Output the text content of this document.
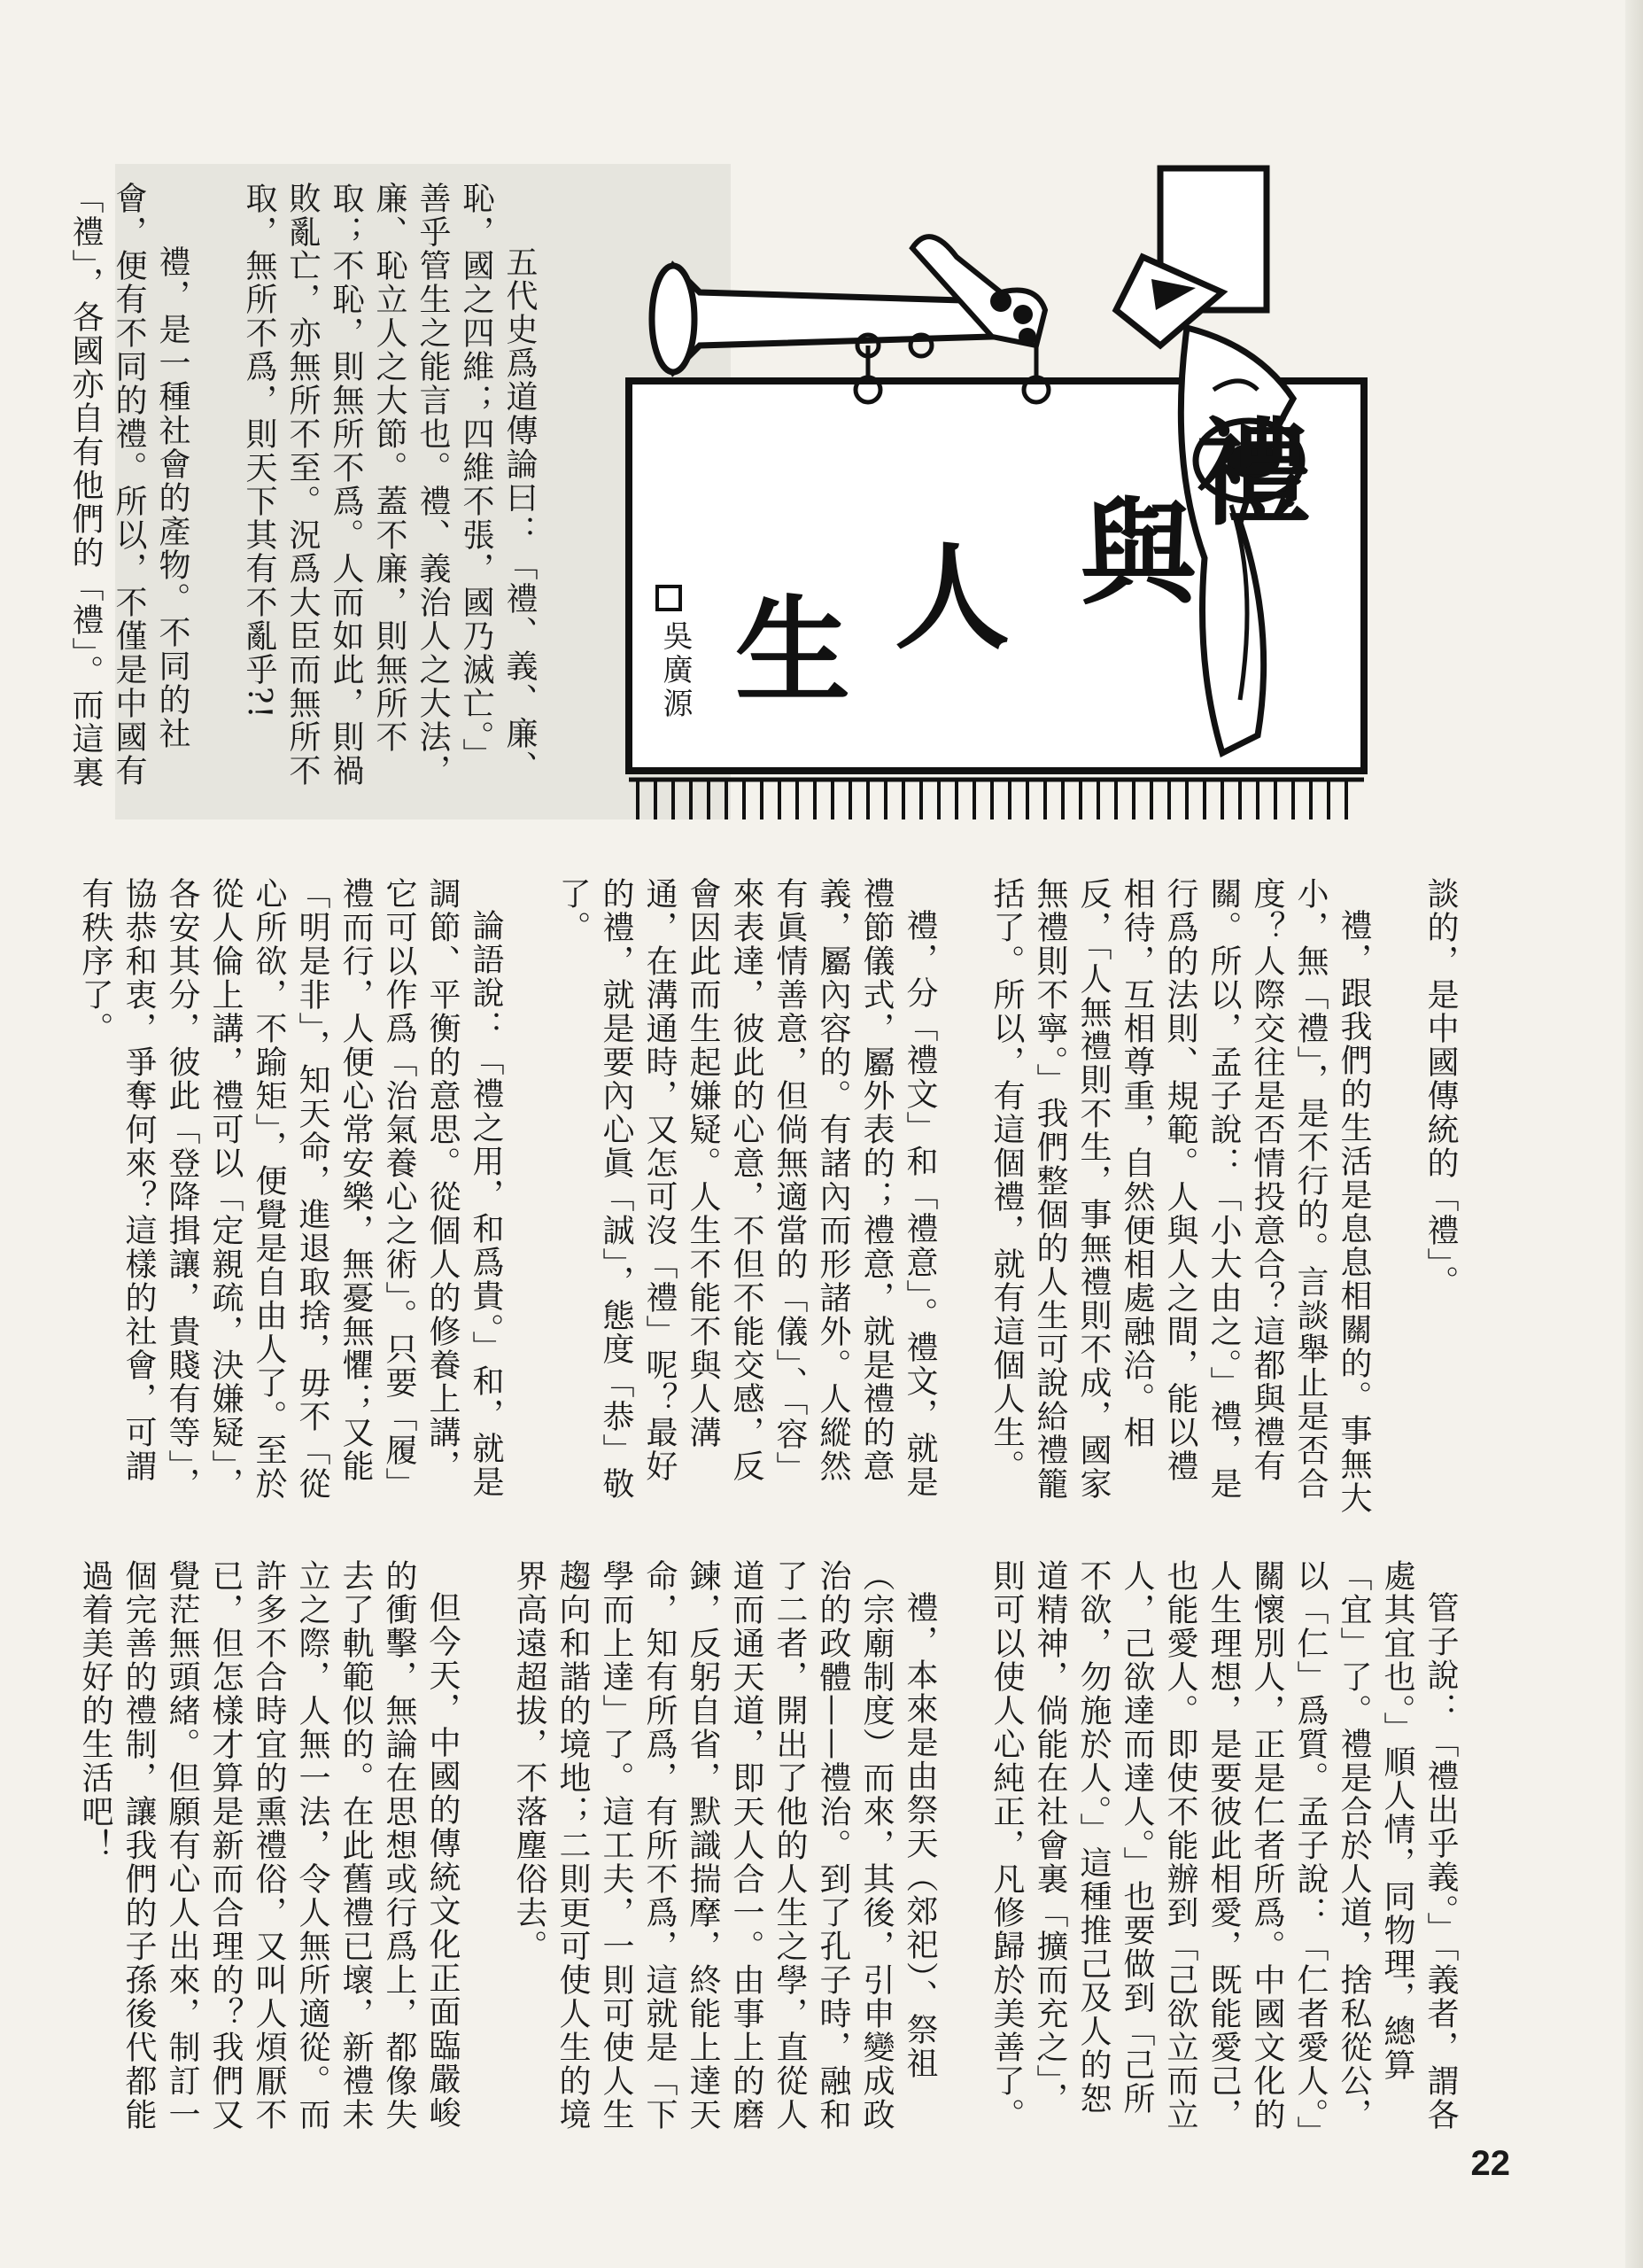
五代史爲道傳論曰：「禮、義、廉、恥，國之四維；四維不張，國乃滅亡。」善乎管生之能言也。禮、義治人之大法，廉、恥立人之大節。蓋不廉，則無所不取；不恥，則無所不爲。人而如此，則禍敗亂亡，亦無所不至。況爲大臣而無所不取，無所不爲，則天下其有不亂乎?!

禮，是一種社會的產物。不同的社會，便有不同的禮。所以，不僅是中國有「禮」，各國亦自有他們的「禮」。而這裏	禮
與
人
生
吳廣源

談的，是中國傳統的「禮」。

禮，跟我們的生活是息息相關的。事無大小，無「禮」，是不行的。言談舉止是否合度？人際交往是否情投意合？這都與禮有關。所以，孟子說：「小大由之。」禮，是行爲的法則、規範。人與人之間，能以禮相待，互相尊重，自然便相處融洽。相反，「人無禮則不生，事無禮則不成，國家無禮則不寧。」我們整個的人生可說給禮籠括了。所以，有這個禮，就有這個人生。

禮，分「禮文」和「禮意」。禮文，就是禮節儀式，屬外表的；禮意，就是禮的意義，屬內容的。有諸內而形諸外。人縱然有眞情善意，但倘無適當的「儀」、「容」來表達，彼此的心意，不但不能交感，反會因此而生起嫌疑。人生不能不與人溝通，在溝通時，又怎可沒「禮」呢？最好的禮，就是要內心眞「誠」，態度「恭」敬了。

論語說：「禮之用，和爲貴。」和，就是調節、平衡的意思。從個人的修養上講，它可以作爲「治氣養心之術」。只要「履」禮而行，人便心常安樂，無憂無懼；又能「明是非」，知天命，進退取捨，毋不「從心所欲，不踰矩」，便覺是自由人了。至於從人倫上講，禮可以「定親疏，決嫌疑」，各安其分，彼此「登降揖讓，貴賤有等」，協恭和衷，爭奪何來？這樣的社會，可謂有秩序了。

管子說：「禮出乎義。」「義者，謂各處其宜也。」順人情，同物理，總算「宜」了。禮是合於人道，捨私從公，以「仁」爲質。孟子說：「仁者愛人。」關懷別人，正是仁者所爲。中國文化的人生理想，是要彼此相愛，既能愛己，也能愛人。即使不能辦到「己欲立而立人，己欲達而達人。」也要做到「己所不欲，勿施於人。」這種推己及人的恕道精神，倘能在社會裏「擴而充之」，則可以使人心純正，凡修歸於美善了。

禮，本來是由祭天（郊祀）、祭祖（宗廟制度）而來，其後，引申變成政治的政體——禮治。到了孔子時，融和了二者，開出了他的人生之學，直從人道而通天道，即天人合一。由事上的磨鍊，反躬自省，默識揣摩，終能上達天命，知有所爲，有所不爲，這就是「下學而上達」了。這工夫，一則可使人生趨向和諧的境地；二則更可使人生的境界高遠超拔，不落塵俗去。

但今天，中國的傳統文化正面臨嚴峻的衝擊，無論在思想或行爲上，都像失去了軌範似的。在此舊禮已壞，新禮未立之際，人無一法，令人無所適從。而許多不合時宜的熏禮俗，又叫人煩厭不已，但怎樣才算是新而合理的？我們又覺茫無頭緒。但願有心人出來，制訂一個完善的禮制，讓我們的子孫後代都能過着美好的生活吧！

22
